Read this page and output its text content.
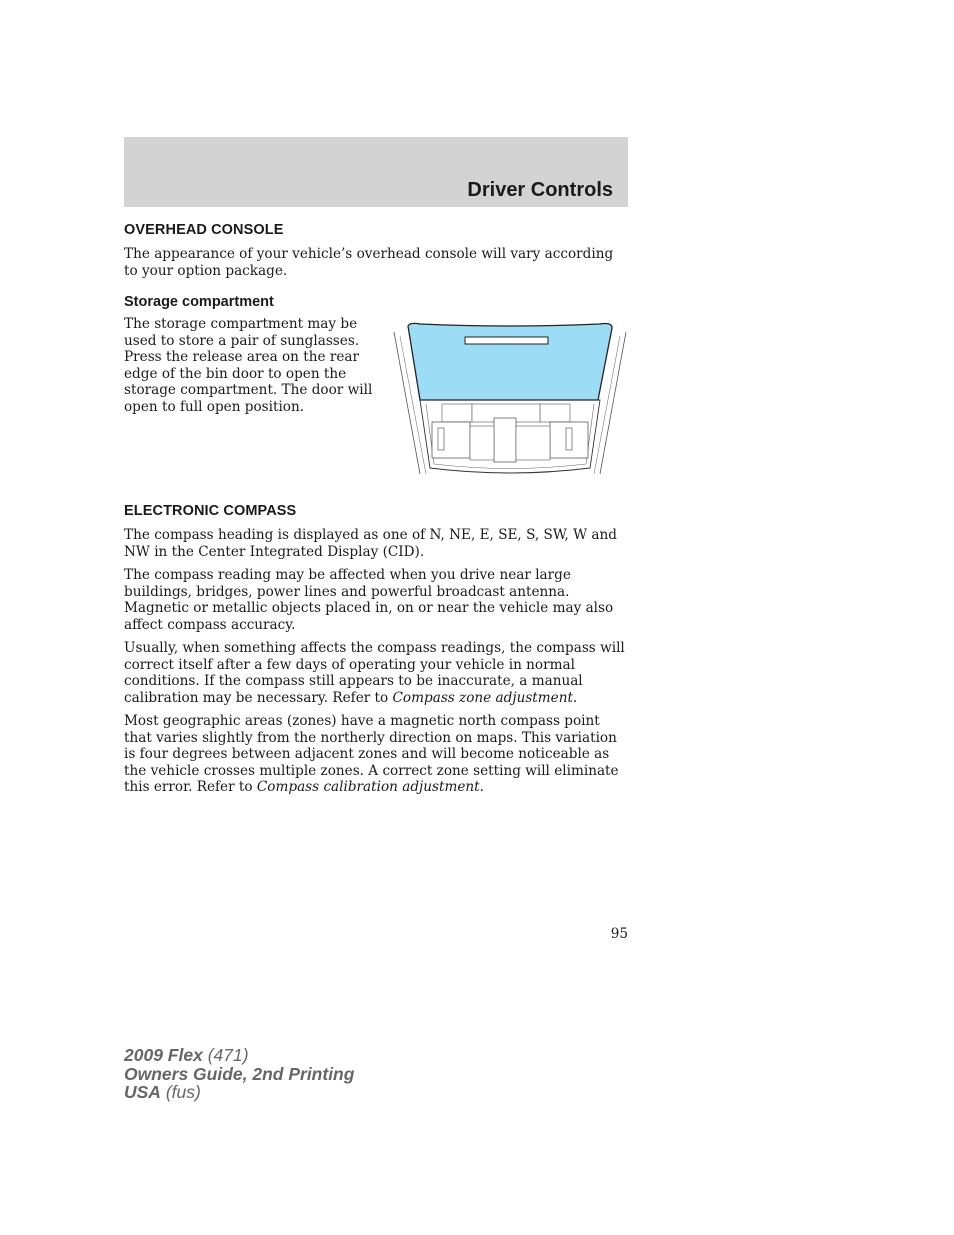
Driver Controls
OVERHEAD CONSOLE

The appearance of your vehicle’s overhead console will vary according to your option package.

Storage compartment

The storage compartment may be used to store a pair of sunglasses. Press the release area on the rear edge of the bin door to open the storage compartment. The door will open to full open position.

ELECTRONIC COMPASS

The compass heading is displayed as one of N, NE, E, SE, S, SW, W and NW in the Center Integrated Display (CID).

The compass reading may be affected when you drive near large buildings, bridges, power lines and powerful broadcast antenna. Magnetic or metallic objects placed in, on or near the vehicle may also affect compass accuracy.

Usually, when something affects the compass readings, the compass will correct itself after a few days of operating your vehicle in normal conditions. If the compass still appears to be inaccurate, a manual calibration may be necessary. Refer to Compass zone adjustment.

Most geographic areas (zones) have a magnetic north compass point that varies slightly from the northerly direction on maps. This variation is four degrees between adjacent zones and will become noticeable as the vehicle crosses multiple zones. A correct zone setting will eliminate this error. Refer to Compass calibration adjustment.

95
2009 Flex (471)
Owners Guide, 2nd Printing
USA (fus)
